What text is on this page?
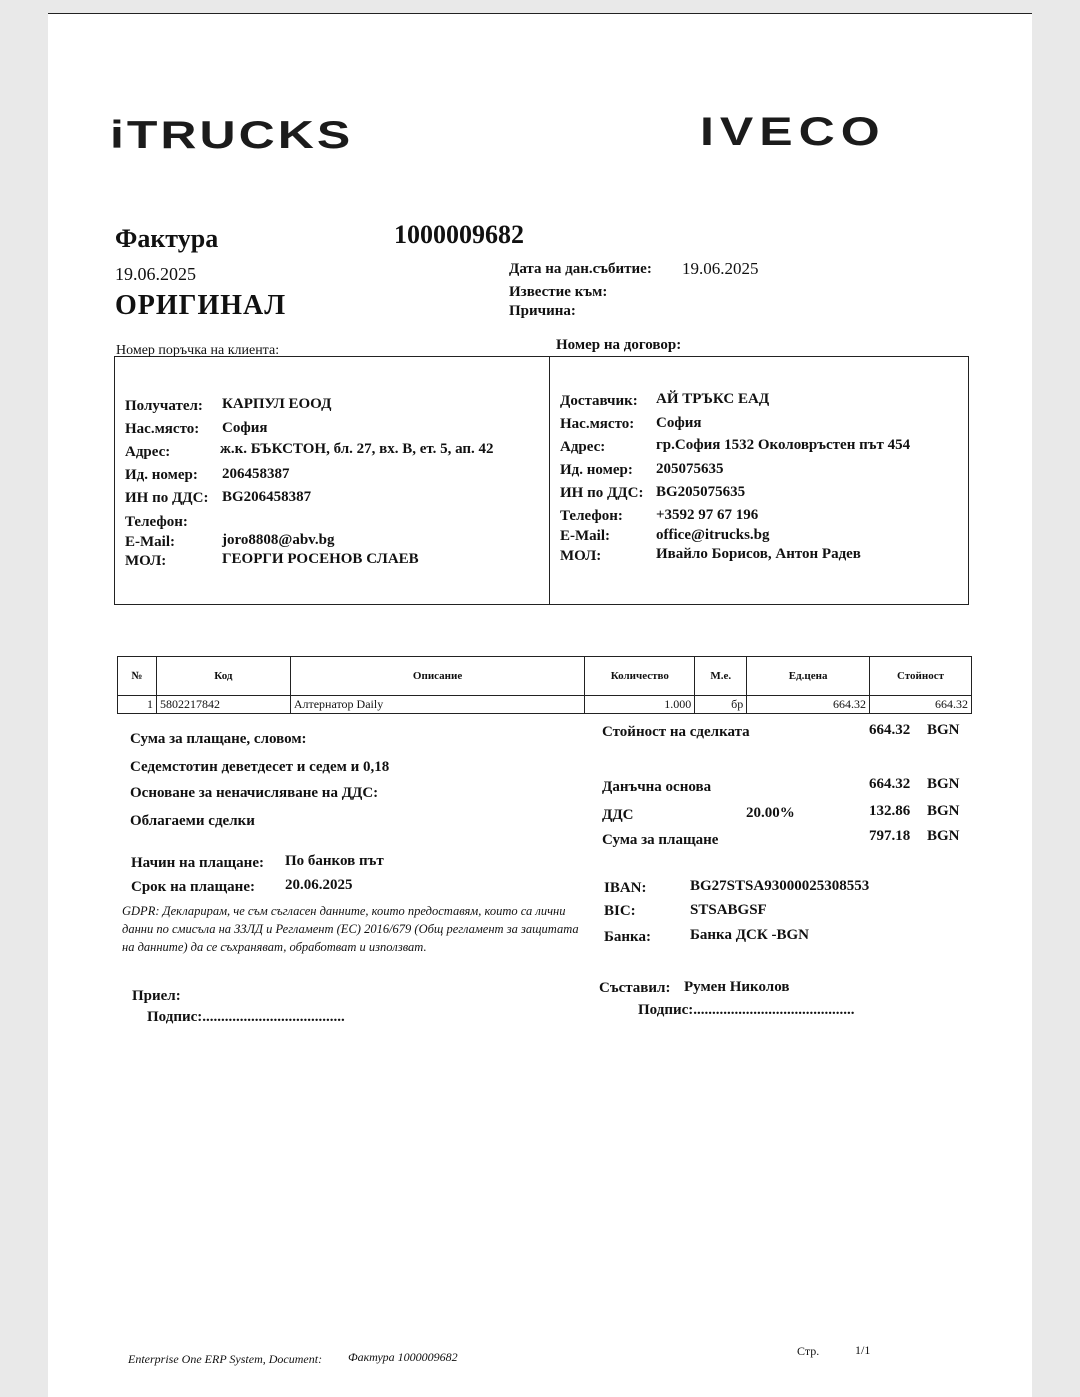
iTRUCKS	IVECO
Фактура	1000009682
19.06.2025
ОРИГИНАЛ
Дата на дан.събитие: 19.06.2025
Известие към:
Причина:
Номер поръчка на клиента:	Номер на договор:
Получател: КАРПУЛ ЕООД
Нас.място: София
Адрес:	ж.к. БЪКСТОН, бл. 27, вх. В, ет. 5, ап. 42
Ид. номер: 206458387
ИН по ДДС: BG206458387
Телефон:
E-Mail:	joro8808@abv.bg
МОЛ:	ГЕОРГИ РОСЕНОВ СЛАЕВ
Доставчик: АЙ ТРЪКС ЕАД
Нас.място: София
Адрес:	гр.София 1532 Околовръстен път 454
Ид. номер: 205075635
ИН по ДДС: BG205075635
Телефон: +3592 97 67 196
E-Mail:	office@itrucks.bg
МОЛ:	Ивайло Борисов, Антон Радев
№	Код	Описание	Количество	М.е.	Ед.цена	Стойност
1	5802217842	Алтернатор Daily	1.000	бр	664.32	664.32
Сума за плащане, словом:
Седемстотин деветдесет и седем и 0,18
Основане за неначисляване на ДДС:
Облагаеми сделки
Стойност на сделката	664.32 BGN
Данъчна основа	664.32 BGN
ДДС	20.00%	132.86 BGN
Сума за плащане	797.18 BGN
Начин на плащане: По банков път
Срок на плащане: 20.06.2025	IBAN:	BG27STSA93000025308553
BIC:	STSABGSF
Банка:	Банка ДСК -BGN
GDPR: Декларирам, че съм съгласен данните, които предоставям, които са лични данни по смисъла на ЗЗЛД и Регламент (ЕС) 2016/679 (Общ регламент за защитата на данните) да се съхраняват, обработват и използват.
Приел:
Подпис:......................................
Съставил: Румен Николов
Подпис:...........................................
Enterprise One ERP System, Document: Фактура 1000009682	Стр.	1/1
